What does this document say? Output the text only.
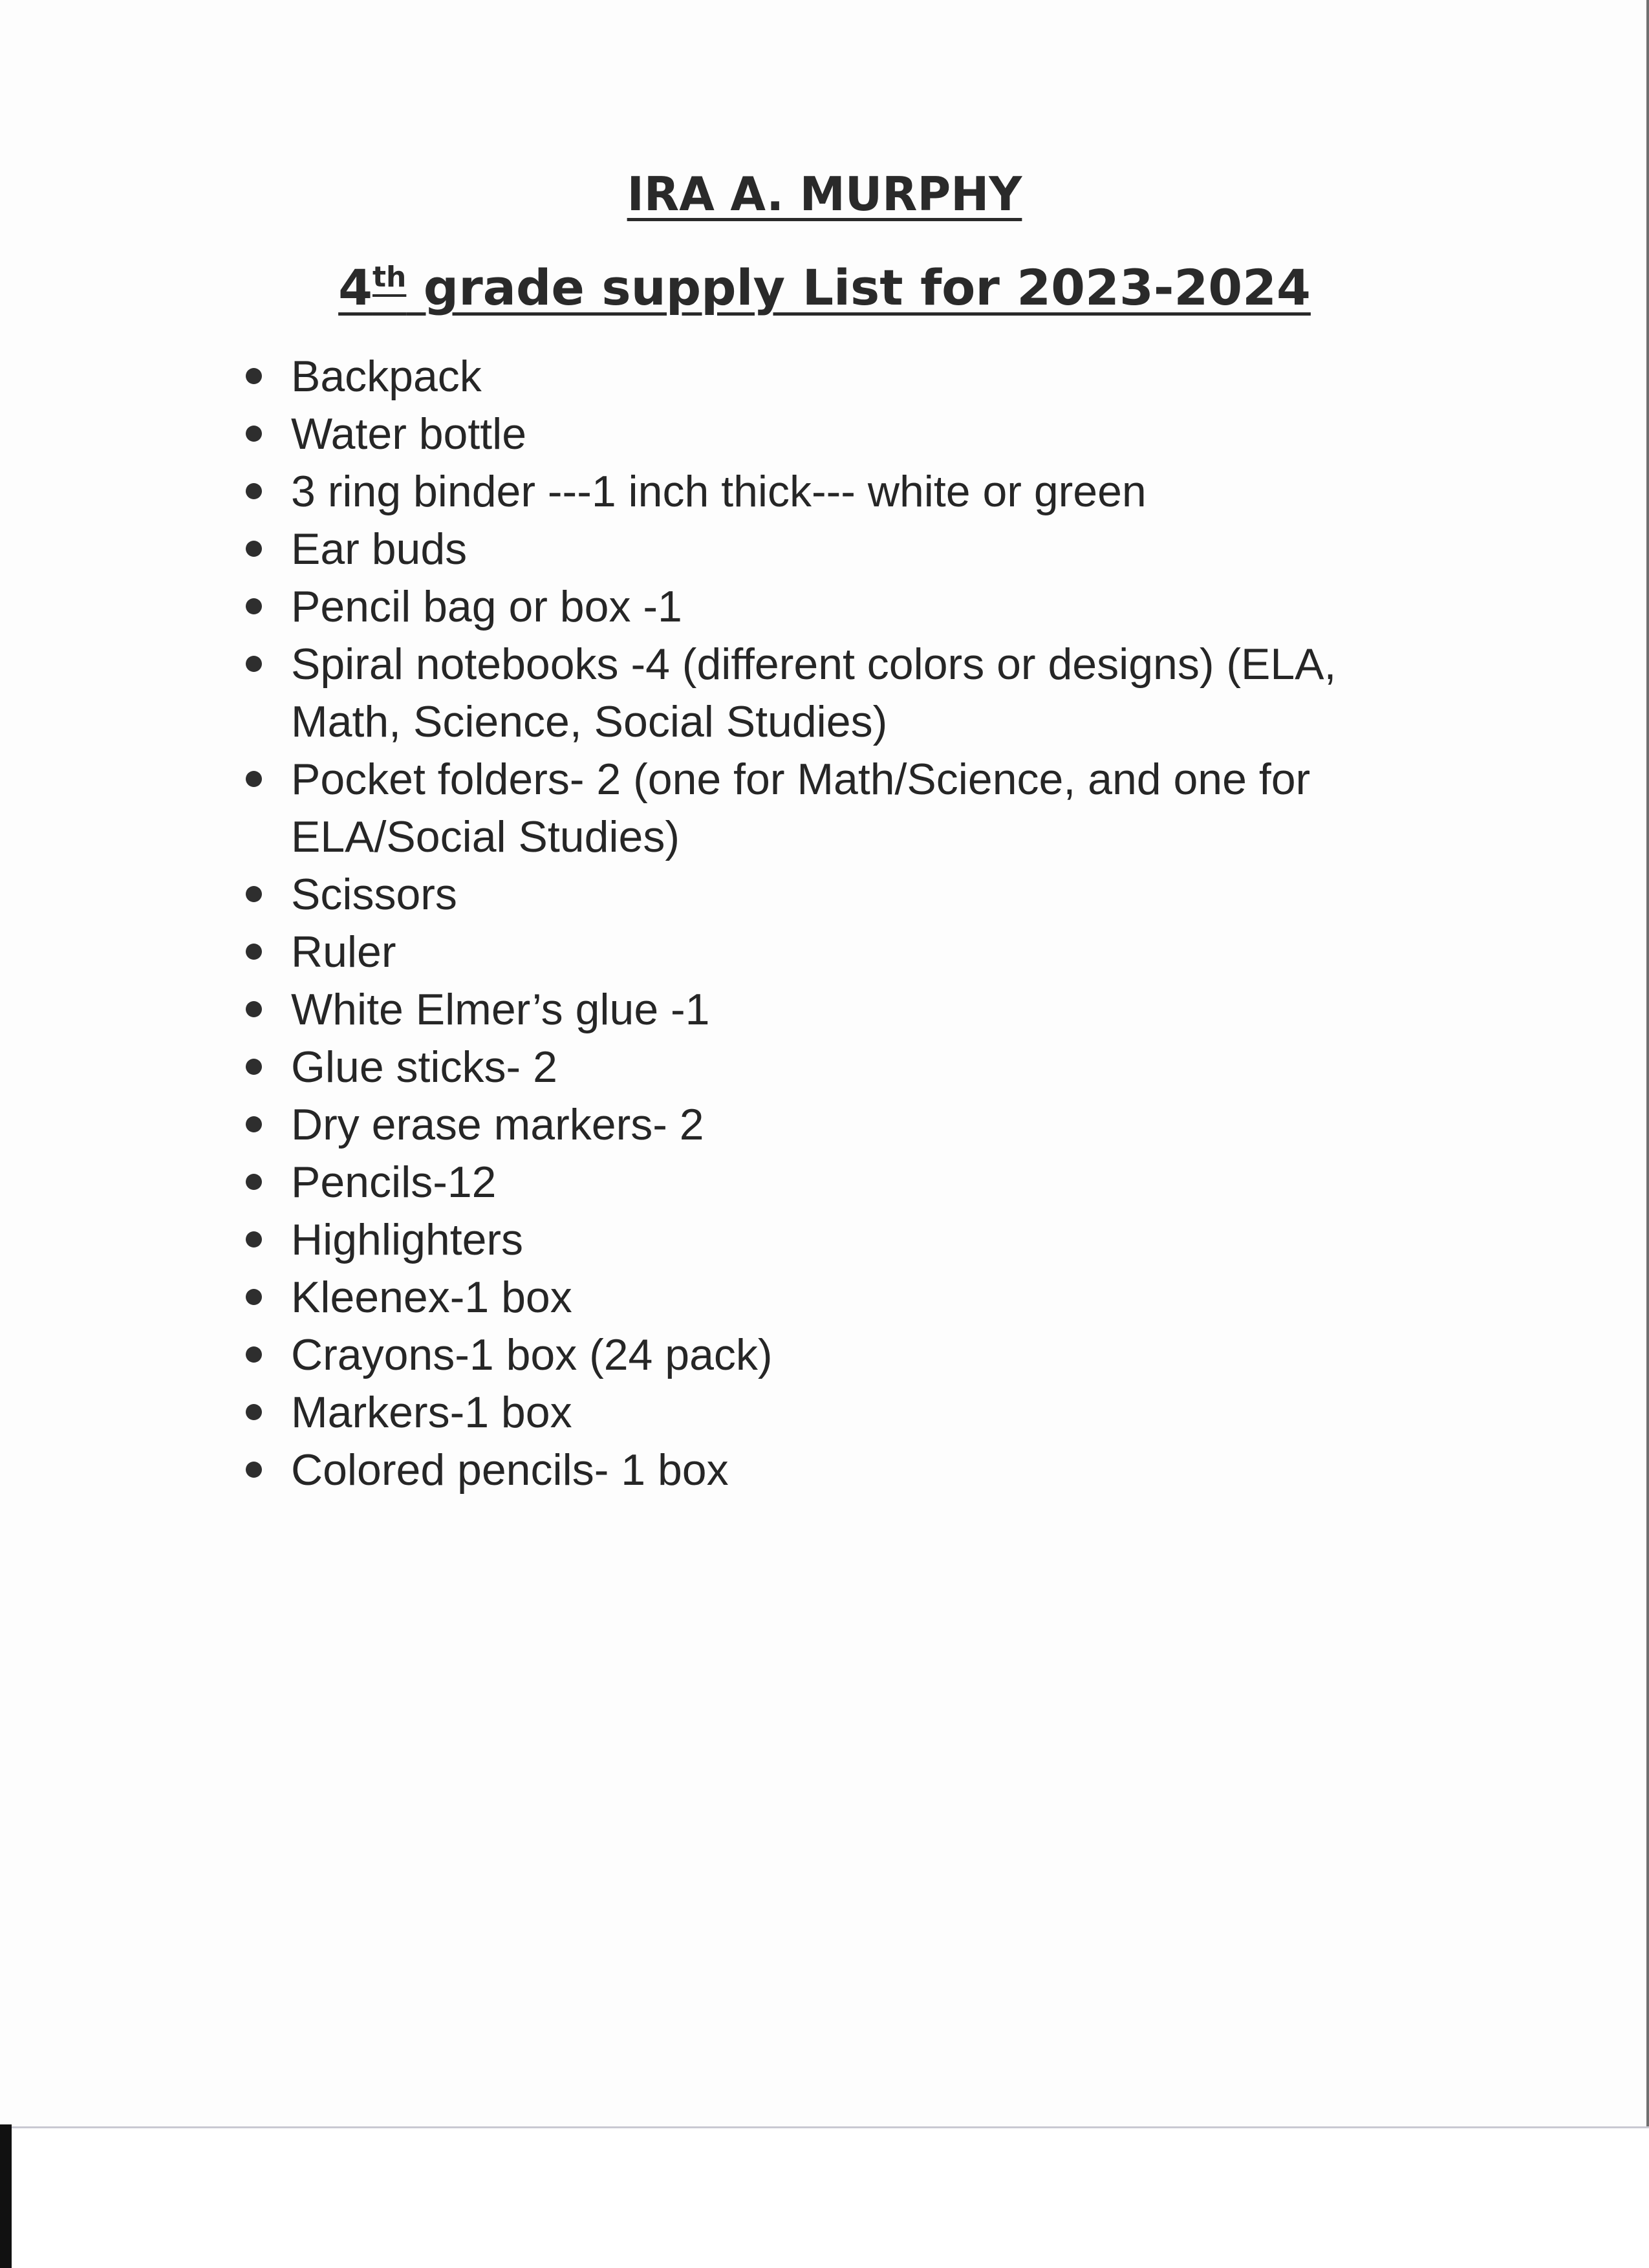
IRA A. MURPHY
4th grade supply List for 2023-2024
Backpack
Water bottle
3 ring binder ---1 inch thick--- white or green
Ear buds
Pencil bag or box -1
Spiral notebooks -4 (different colors or designs) (ELA,
Math, Science, Social Studies)
Pocket folders- 2 (one for Math/Science, and one for
ELA/Social Studies)
Scissors
Ruler
White Elmer’s glue -1
Glue sticks- 2
Dry erase markers- 2
Pencils-12
Highlighters
Kleenex-1 box
Crayons-1 box (24 pack)
Markers-1 box
Colored pencils- 1 box
